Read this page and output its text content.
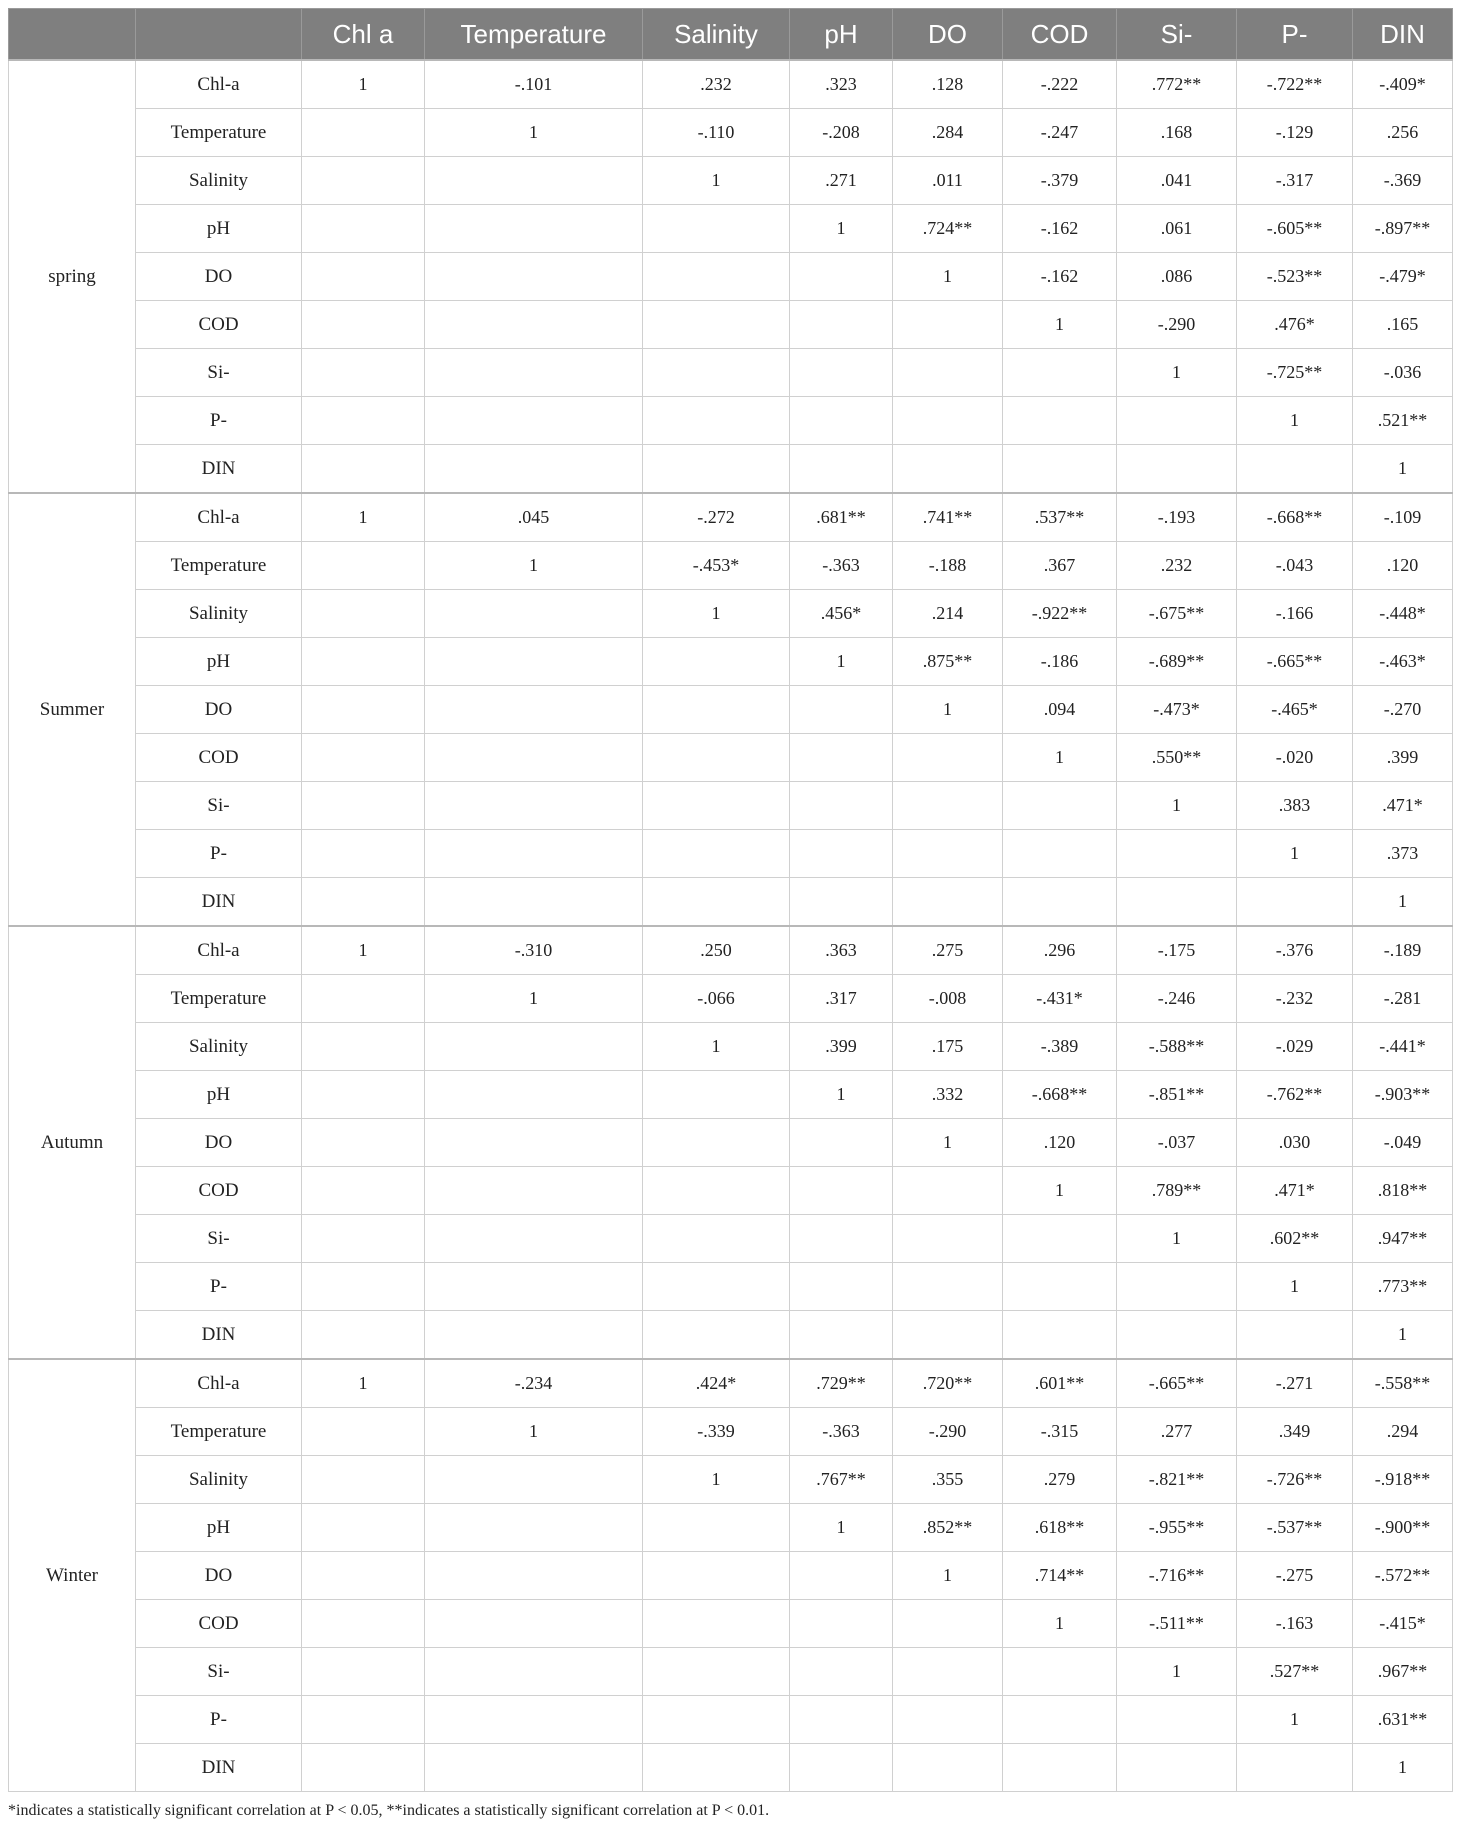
		Chl a	Temperature	Salinity	pH	DO	COD	Si-	P-	DIN
spring	Chl-a	1	-.101	.232	.323	.128	-.222	.772**	-.722**	-.409*
	Temperature		1	-.110	-.208	.284	-.247	.168	-.129	.256
	Salinity			1	.271	.011	-.379	.041	-.317	-.369
	pH				1	.724**	-.162	.061	-.605**	-.897**
	DO					1	-.162	.086	-.523**	-.479*
	COD						1	-.290	.476*	.165
	Si-							1	-.725**	-.036
	P-								1	.521**
	DIN									1
Summer	Chl-a	1	.045	-.272	.681**	.741**	.537**	-.193	-.668**	-.109
	Temperature		1	-.453*	-.363	-.188	.367	.232	-.043	.120
	Salinity			1	.456*	.214	-.922**	-.675**	-.166	-.448*
	pH				1	.875**	-.186	-.689**	-.665**	-.463*
	DO					1	.094	-.473*	-.465*	-.270
	COD						1	.550**	-.020	.399
	Si-							1	.383	.471*
	P-								1	.373
	DIN									1
Autumn	Chl-a	1	-.310	.250	.363	.275	.296	-.175	-.376	-.189
	Temperature		1	-.066	.317	-.008	-.431*	-.246	-.232	-.281
	Salinity			1	.399	.175	-.389	-.588**	-.029	-.441*
	pH				1	.332	-.668**	-.851**	-.762**	-.903**
	DO					1	.120	-.037	.030	-.049
	COD						1	.789**	.471*	.818**
	Si-							1	.602**	.947**
	P-								1	.773**
	DIN									1
Winter	Chl-a	1	-.234	.424*	.729**	.720**	.601**	-.665**	-.271	-.558**
	Temperature		1	-.339	-.363	-.290	-.315	.277	.349	.294
	Salinity			1	.767**	.355	.279	-.821**	-.726**	-.918**
	pH				1	.852**	.618**	-.955**	-.537**	-.900**
	DO					1	.714**	-.716**	-.275	-.572**
	COD						1	-.511**	-.163	-.415*
	Si-							1	.527**	.967**
	P-								1	.631**
	DIN									1
*indicates a statistically significant correlation at P < 0.05, **indicates a statistically significant correlation at P < 0.01.
